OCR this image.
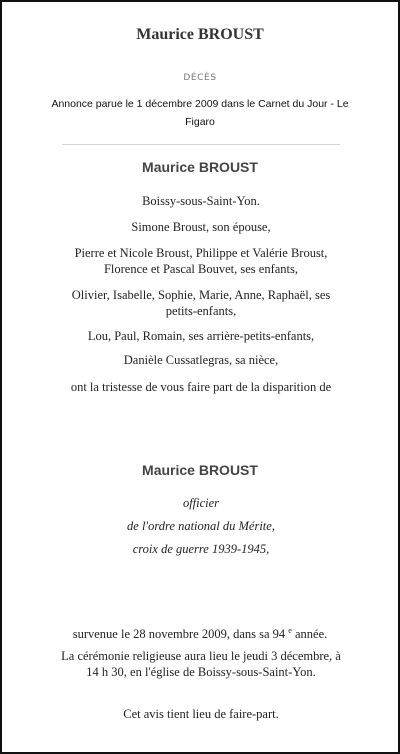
Maurice BROUST
DÉCÈS
Annonce parue le 1 décembre 2009 dans le Carnet du Jour - Le Figaro
Maurice BROUST
Boissy-sous-Saint-Yon.
Simone Broust, son épouse,
Pierre et Nicole Broust, Philippe et Valérie Broust, Florence et Pascal Bouvet, ses enfants,
Olivier, Isabelle, Sophie, Marie, Anne, Raphaël, ses petits-enfants,
Lou, Paul, Romain, ses arrière-petits-enfants,
Danièle Cussatlegras, sa nièce,
ont la tristesse de vous faire part de la disparition de
Maurice BROUST
officier
de l'ordre national du Mérite,
croix de guerre 1939-1945,
survenue le 28 novembre 2009, dans sa 94 $^e$ année.
La cérémonie religieuse aura lieu le jeudi 3 décembre, à 14 h 30, en l'église de Boissy-sous-Saint-Yon.
Cet avis tient lieu de faire-part.
